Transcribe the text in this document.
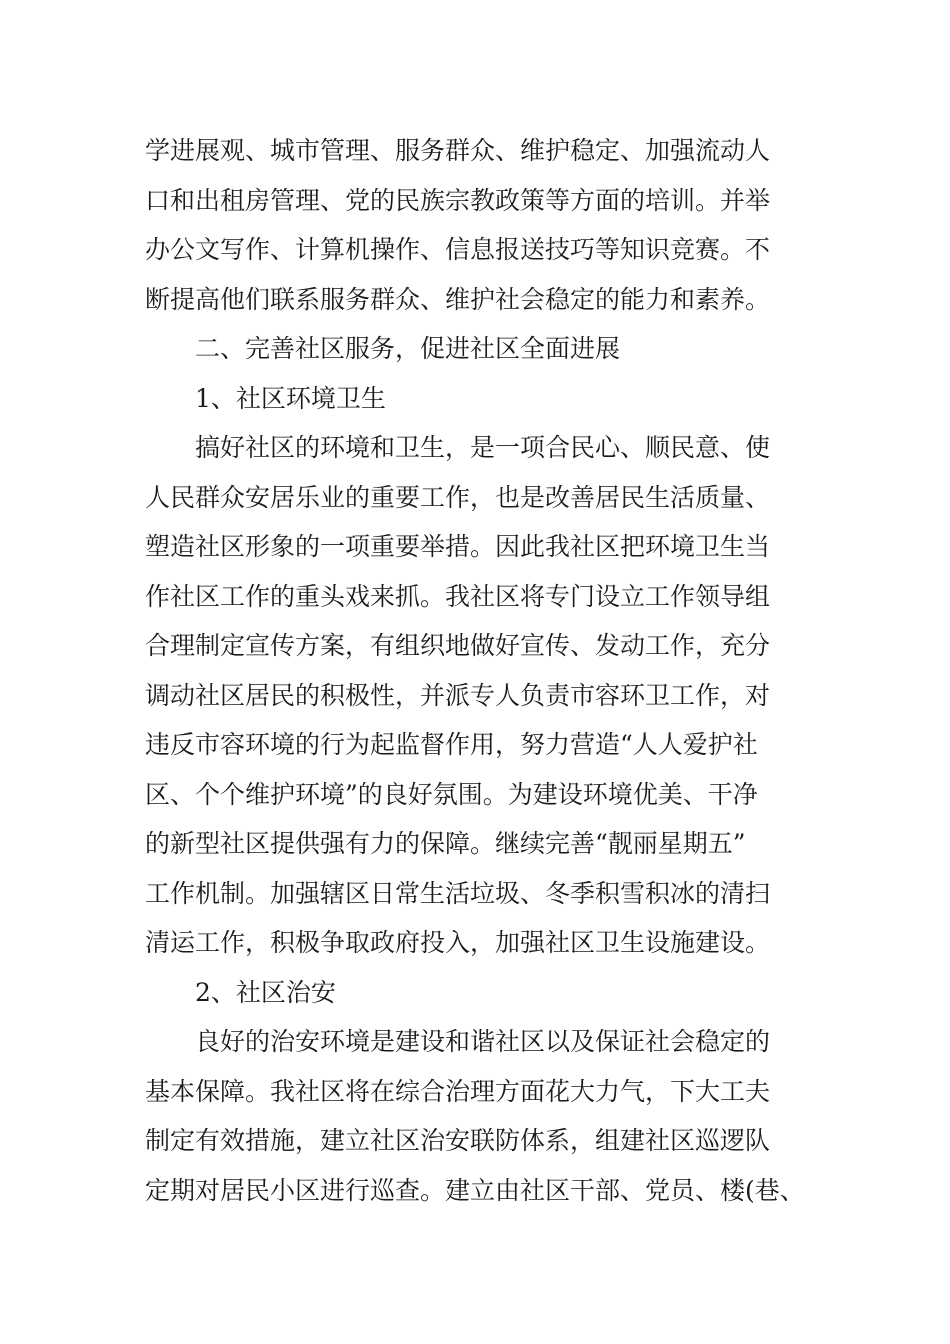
学进展观、城市管理、服务群众、维护稳定、加强流动人
口和出租房管理、党的民族宗教政策等方面的培训。并举
办公文写作、计算机操作、信息报送技巧等知识竞赛。不
断提高他们联系服务群众、维护社会稳定的能力和素养。
二、完善社区服务，促进社区全面进展
1、社区环境卫生
搞好社区的环境和卫生，是一项合民心、顺民意、使
人民群众安居乐业的重要工作，也是改善居民生活质量、
塑造社区形象的一项重要举措。因此我社区把环境卫生当
作社区工作的重头戏来抓。我社区将专门设立工作领导组
合理制定宣传方案，有组织地做好宣传、发动工作，充分
调动社区居民的积极性，并派专人负责市容环卫工作，对
违反市容环境的行为起监督作用，努力营造“人人爱护社
区、个个维护环境”的良好氛围。为建设环境优美、干净
的新型社区提供强有力的保障。继续完善“靓丽星期五”
工作机制。加强辖区日常生活垃圾、冬季积雪积冰的清扫
清运工作，积极争取政府投入，加强社区卫生设施建设。
2、社区治安
良好的治安环境是建设和谐社区以及保证社会稳定的
基本保障。我社区将在综合治理方面花大力气，下大工夫
制定有效措施，建立社区治安联防体系，组建社区巡逻队
定期对居民小区进行巡查。建立由社区干部、党员、楼(巷、
